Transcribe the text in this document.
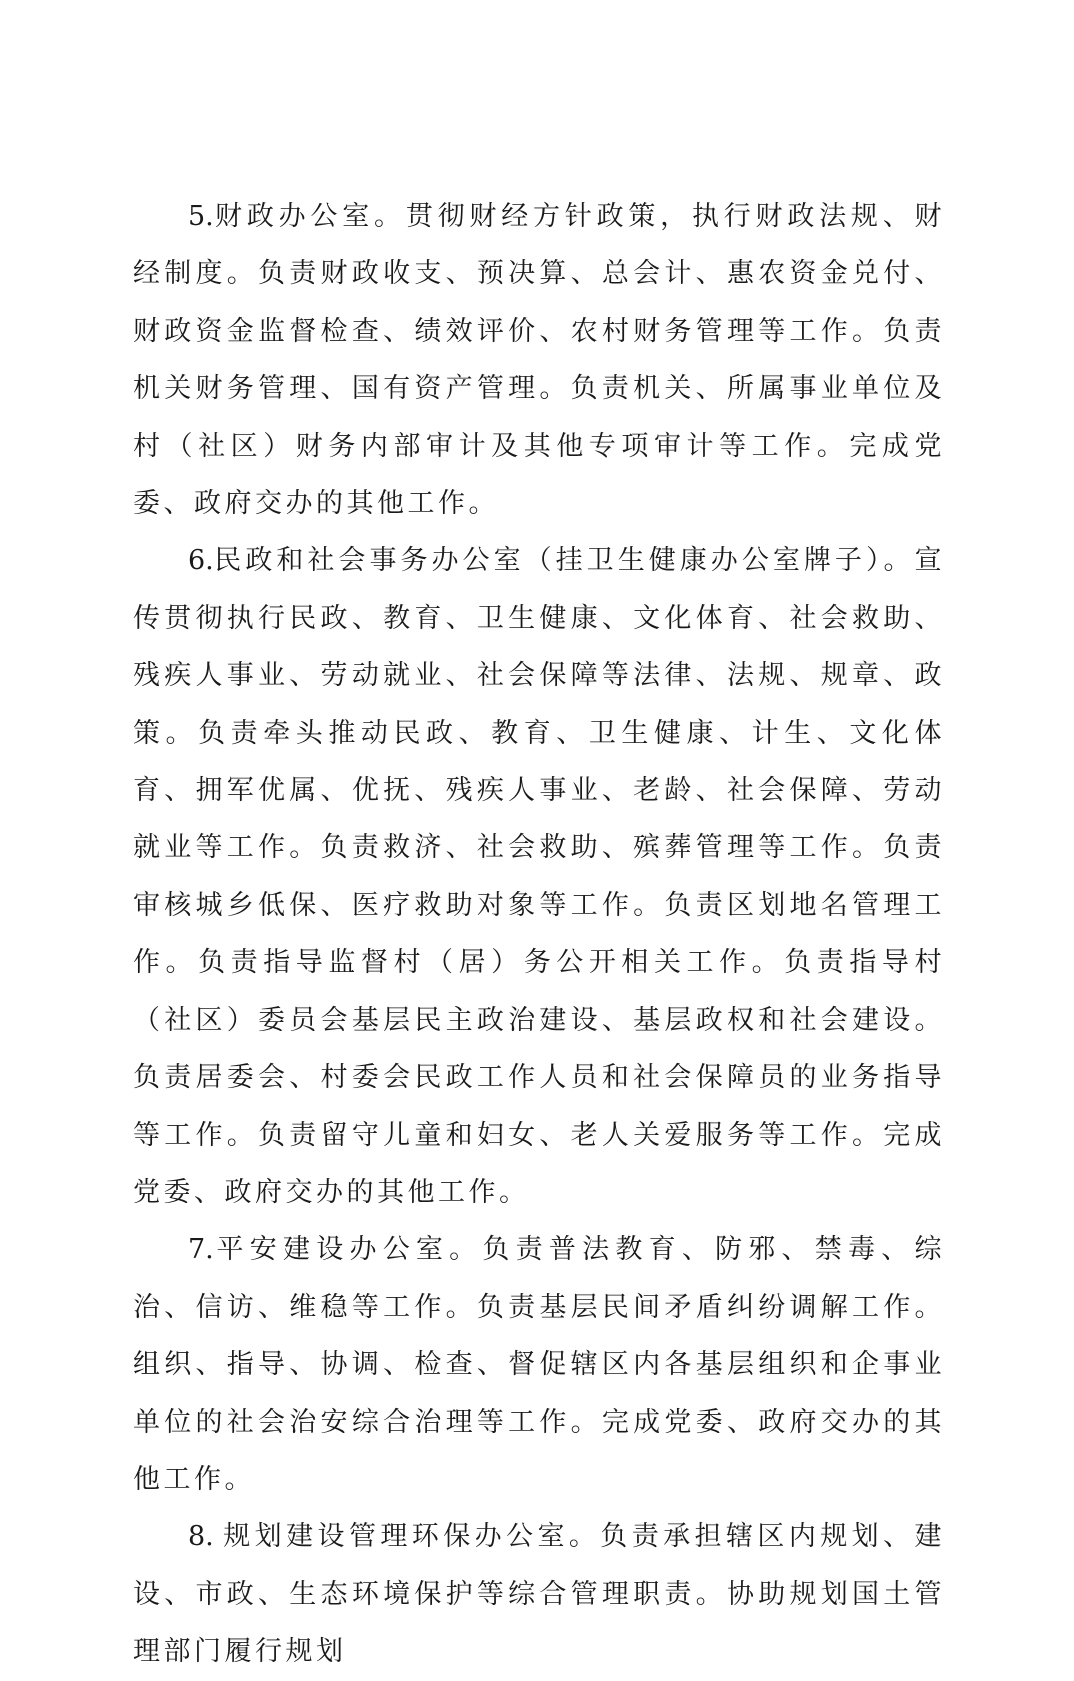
5.财政办公室。贯彻财经方针政策，执行财政法规、财经制度。负责财政收支、预决算、总会计、惠农资金兑付、财政资金监督检查、绩效评价、农村财务管理等工作。负责机关财务管理、国有资产管理。负责机关、所属事业单位及村（社区）财务内部审计及其他专项审计等工作。完成党委、政府交办的其他工作。

6.民政和社会事务办公室（挂卫生健康办公室牌子）。宣传贯彻执行民政、教育、卫生健康、文化体育、社会救助、残疾人事业、劳动就业、社会保障等法律、法规、规章、政策。负责牵头推动民政、教育、卫生健康、计生、文化体育、拥军优属、优抚、残疾人事业、老龄、社会保障、劳动就业等工作。负责救济、社会救助、殡葬管理等工作。负责审核城乡低保、医疗救助对象等工作。负责区划地名管理工作。负责指导监督村（居）务公开相关工作。负责指导村（社区）委员会基层民主政治建设、基层政权和社会建设。负责居委会、村委会民政工作人员和社会保障员的业务指导等工作。负责留守儿童和妇女、老人关爱服务等工作。完成党委、政府交办的其他工作。

7.平安建设办公室。负责普法教育、防邪、禁毒、综治、信访、维稳等工作。负责基层民间矛盾纠纷调解工作。组织、指导、协调、检查、督促辖区内各基层组织和企事业单位的社会治安综合治理等工作。完成党委、政府交办的其他工作。

8. 规划建设管理环保办公室。负责承担辖区内规划、建设、市政、生态环境保护等综合管理职责。协助规划国土管理部门履行规划
